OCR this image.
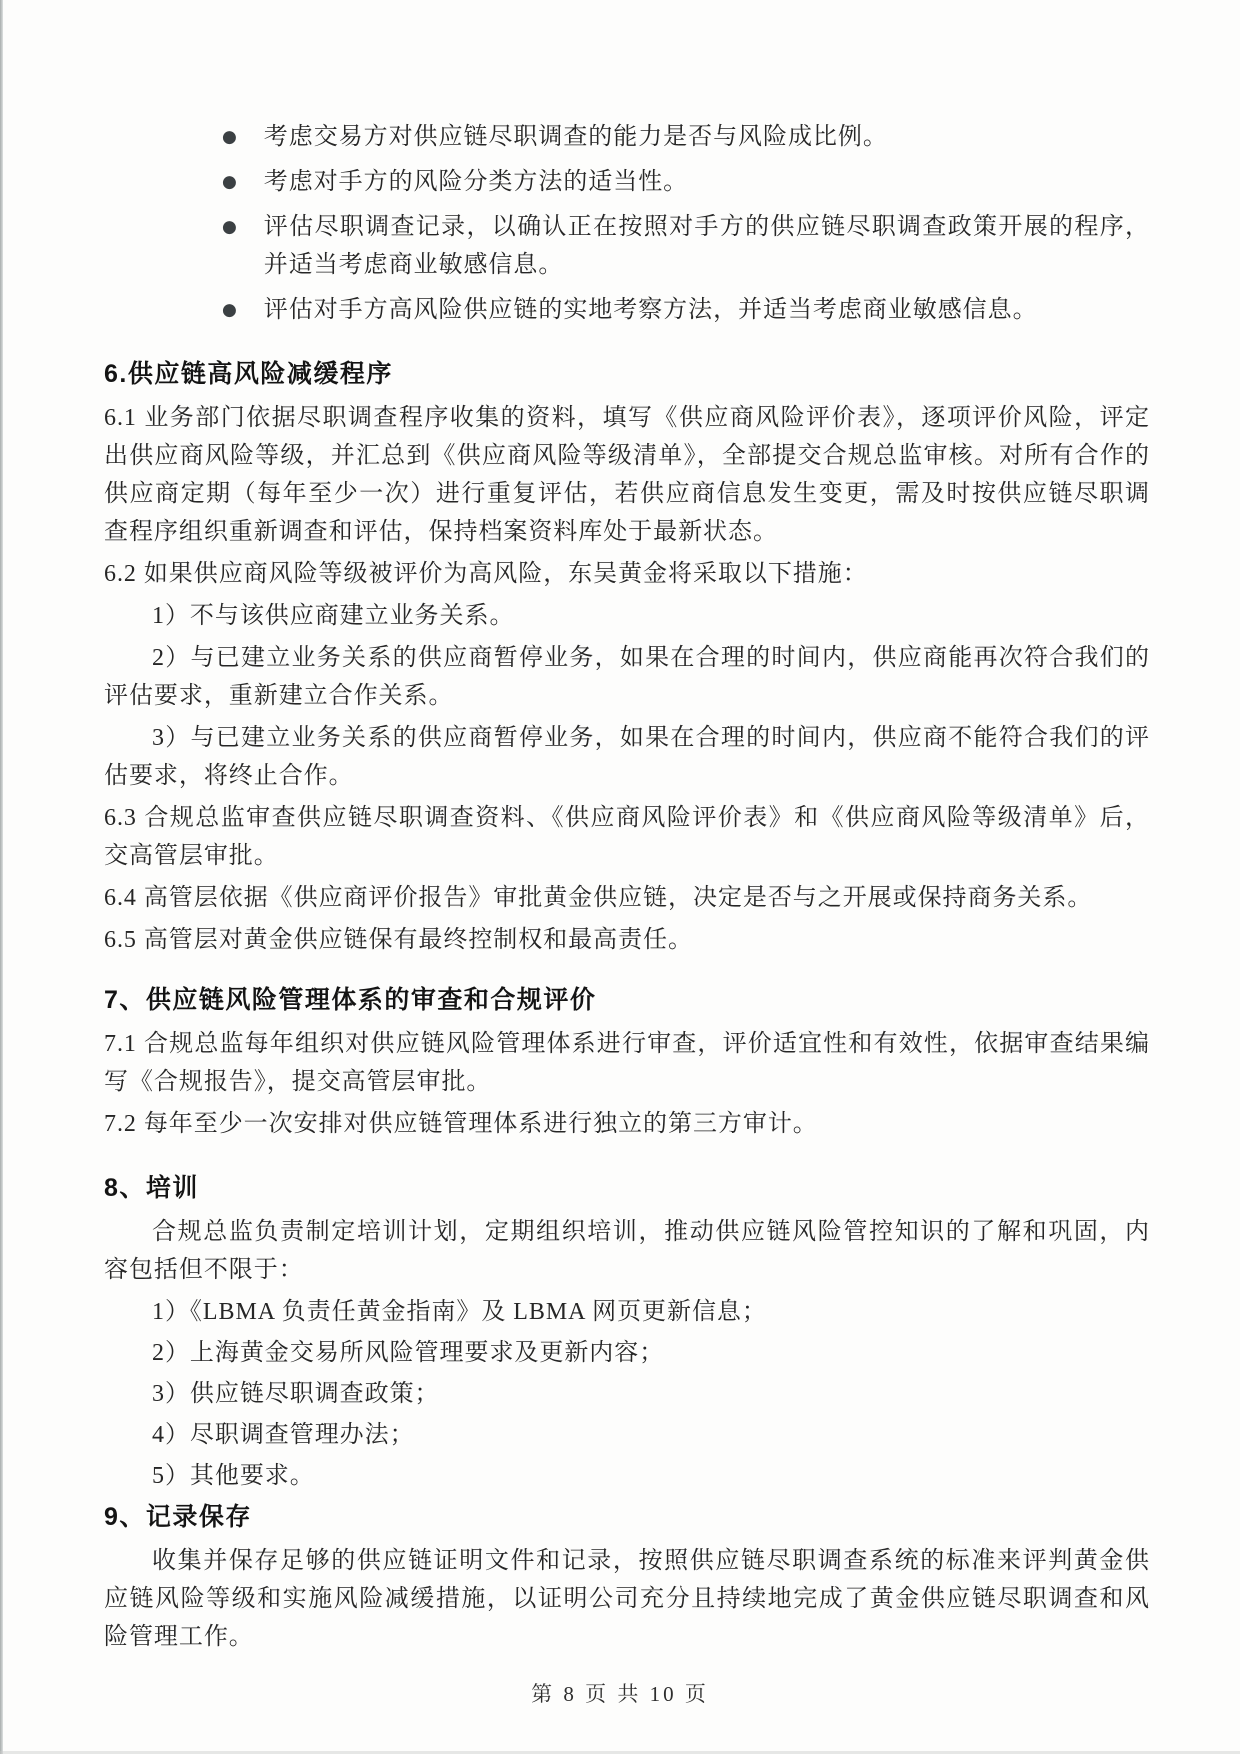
● 考虑交易方对供应链尽职调查的能力是否与风险成比例。
● 考虑对手方的风险分类方法的适当性。
● 评估尽职调查记录，以确认正在按照对手方的供应链尽职调查政策开展的程序，并适当考虑商业敏感信息。
● 评估对手方高风险供应链的实地考察方法，并适当考虑商业敏感信息。
6.供应链高风险减缓程序

6.1 业务部门依据尽职调查程序收集的资料，填写《供应商风险评价表》，逐项评价风险，评定出供应商风险等级，并汇总到《供应商风险等级清单》，全部提交合规总监审核。对所有合作的供应商定期（每年至少一次）进行重复评估，若供应商信息发生变更，需及时按供应链尽职调查程序组织重新调查和评估，保持档案资料库处于最新状态。

6.2 如果供应商风险等级被评价为高风险，东吴黄金将采取以下措施：

1）不与该供应商建立业务关系。

2）与已建立业务关系的供应商暂停业务，如果在合理的时间内，供应商能再次符合我们的评估要求，重新建立合作关系。

3）与已建立业务关系的供应商暂停业务，如果在合理的时间内，供应商不能符合我们的评估要求，将终止合作。

6.3 合规总监审查供应链尽职调查资料、《供应商风险评价表》和《供应商风险等级清单》后，交高管层审批。

6.4 高管层依据《供应商评价报告》审批黄金供应链，决定是否与之开展或保持商务关系。

6.5 高管层对黄金供应链保有最终控制权和最高责任。

7、供应链风险管理体系的审查和合规评价

7.1 合规总监每年组织对供应链风险管理体系进行审查，评价适宜性和有效性，依据审查结果编写《合规报告》，提交高管层审批。

7.2 每年至少一次安排对供应链管理体系进行独立的第三方审计。

8、培训

合规总监负责制定培训计划，定期组织培训，推动供应链风险管控知识的了解和巩固，内容包括但不限于：

1）《LBMA 负责任黄金指南》及 LBMA 网页更新信息；

2）上海黄金交易所风险管理要求及更新内容；

3）供应链尽职调查政策；

4）尽职调查管理办法；

5）其他要求。

9、记录保存

收集并保存足够的供应链证明文件和记录，按照供应链尽职调查系统的标准来评判黄金供应链风险等级和实施风险减缓措施，以证明公司充分且持续地完成了黄金供应链尽职调查和风险管理工作。

第 8 页 共 10 页
